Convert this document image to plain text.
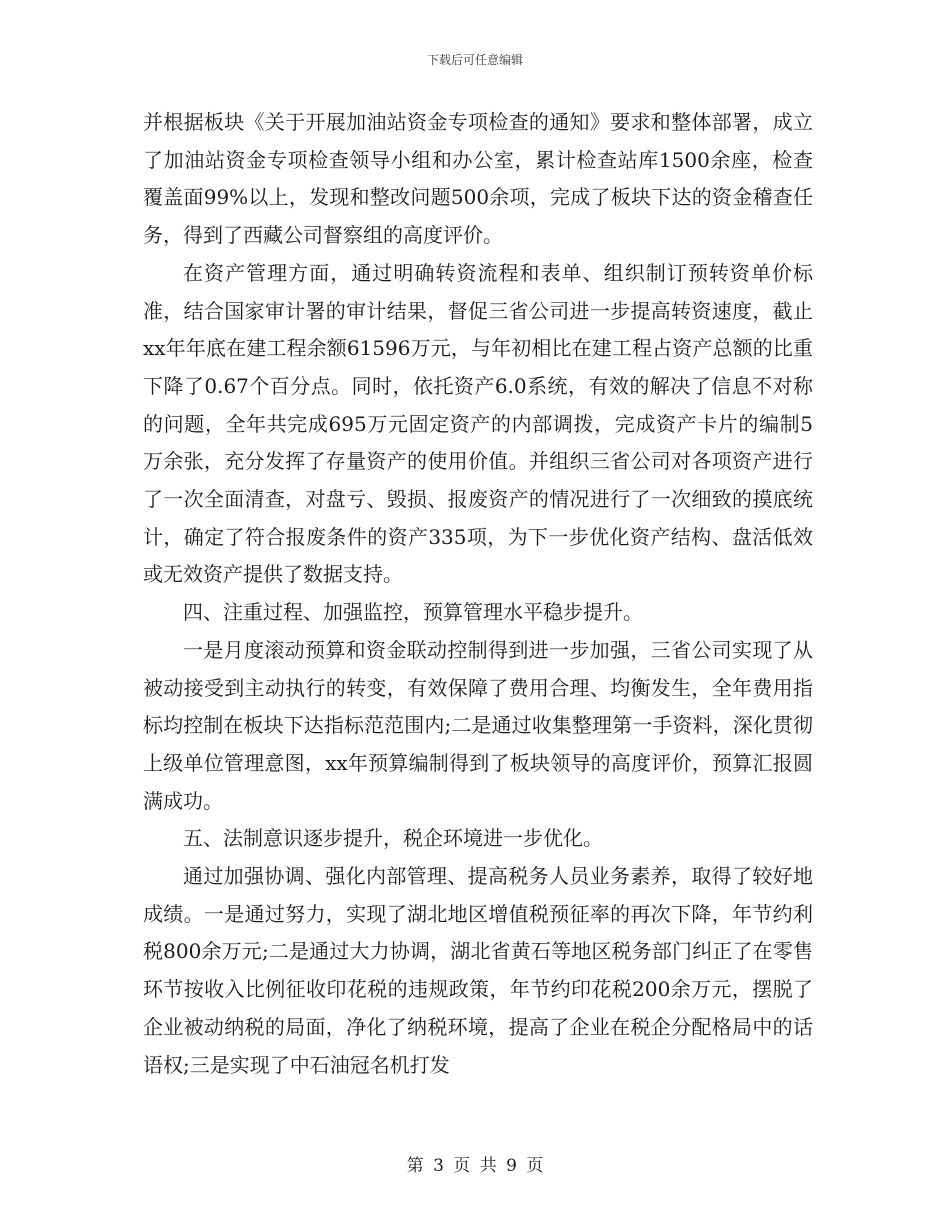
下载后可任意编辑

并根据板块《关于开展加油站资金专项检查的通知》要求和整体部署，成立了加油站资金专项检查领导小组和办公室，累计检查站库1500余座，检查覆盖面99%以上，发现和整改问题500余项，完成了板块下达的资金稽查任务，得到了西藏公司督察组的高度评价。

在资产管理方面，通过明确转资流程和表单、组织制订预转资单价标准，结合国家审计署的审计结果，督促三省公司进一步提高转资速度，截止xx年年底在建工程余额61596万元，与年初相比在建工程占资产总额的比重下降了0.67个百分点。同时，依托资产6.0系统，有效的解决了信息不对称的问题，全年共完成695万元固定资产的内部调拨，完成资产卡片的编制5万余张，充分发挥了存量资产的使用价值。并组织三省公司对各项资产进行了一次全面清查，对盘亏、毁损、报废资产的情况进行了一次细致的摸底统计，确定了符合报废条件的资产335项，为下一步优化资产结构、盘活低效或无效资产提供了数据支持。

四、注重过程、加强监控，预算管理水平稳步提升。

一是月度滚动预算和资金联动控制得到进一步加强，三省公司实现了从被动接受到主动执行的转变，有效保障了费用合理、均衡发生，全年费用指标均控制在板块下达指标范范围内;二是通过收集整理第一手资料，深化贯彻上级单位管理意图，xx年预算编制得到了板块领导的高度评价，预算汇报圆满成功。

五、法制意识逐步提升，税企环境进一步优化。

通过加强协调、强化内部管理、提高税务人员业务素养，取得了较好地成绩。一是通过努力，实现了湖北地区增值税预征率的再次下降，年节约利税800余万元;二是通过大力协调，湖北省黄石等地区税务部门纠正了在零售环节按收入比例征收印花税的违规政策，年节约印花税200余万元，摆脱了企业被动纳税的局面，净化了纳税环境，提高了企业在税企分配格局中的话语权;三是实现了中石油冠名机打发

第 3 页 共 9 页
